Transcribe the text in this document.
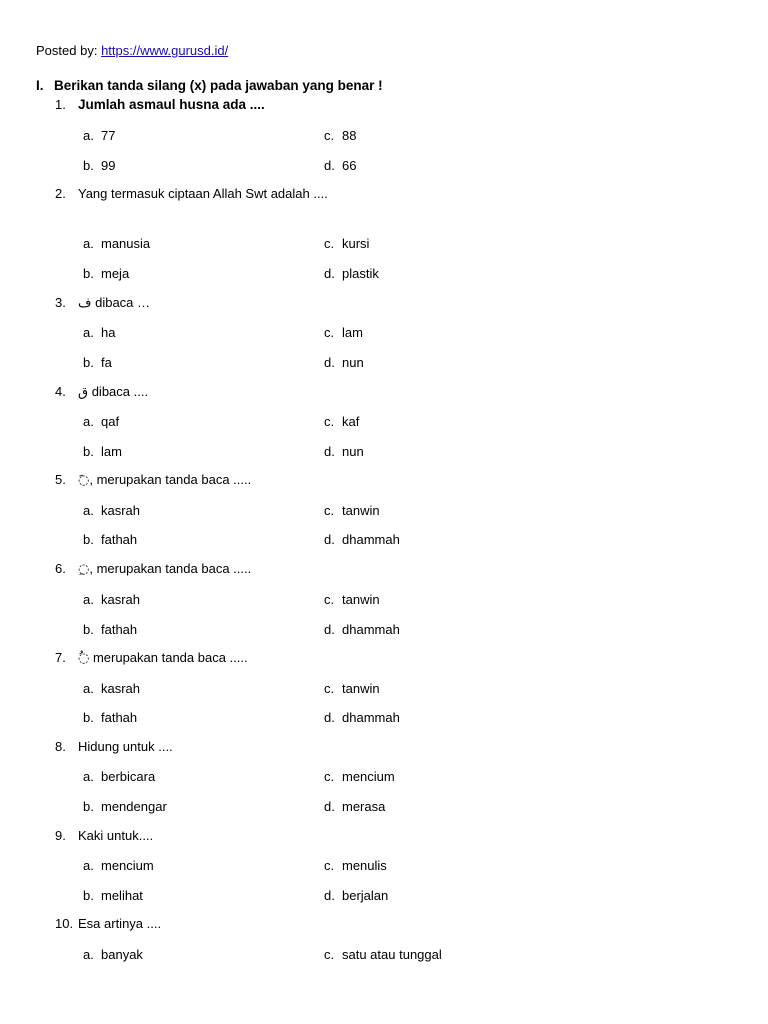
Posted by: https://www.gurusd.id/
I. Berikan tanda silang (x) pada jawaban yang benar !
1. Jumlah asmaul husna ada ....
a. 77	c. 88
b. 99	d. 66
2. Yang termasuk ciptaan Allah Swt adalah ....
a. manusia	c. kursi
b. meja	d. plastik
3. ف dibaca …
a. ha	c. lam
b. fa	d. nun
4. ق dibaca ....
a. qaf	c. kaf
b. lam	d. nun
5. ◌َ, merupakan tanda baca .....
a. kasrah	c. tanwin
b. fathah	d. dhammah
6. ◌ِ, merupakan tanda baca .....
a. kasrah	c. tanwin
b. fathah	d. dhammah
7. ◌ُ merupakan tanda baca .....
a. kasrah	c. tanwin
b. fathah	d. dhammah
8. Hidung untuk ....
a. berbicara	c. mencium
b. mendengar	d. merasa
9. Kaki untuk....
a. mencium	c. menulis
b. melihat	d. berjalan
10. Esa artinya ....
a. banyak	c. satu atau tunggal
